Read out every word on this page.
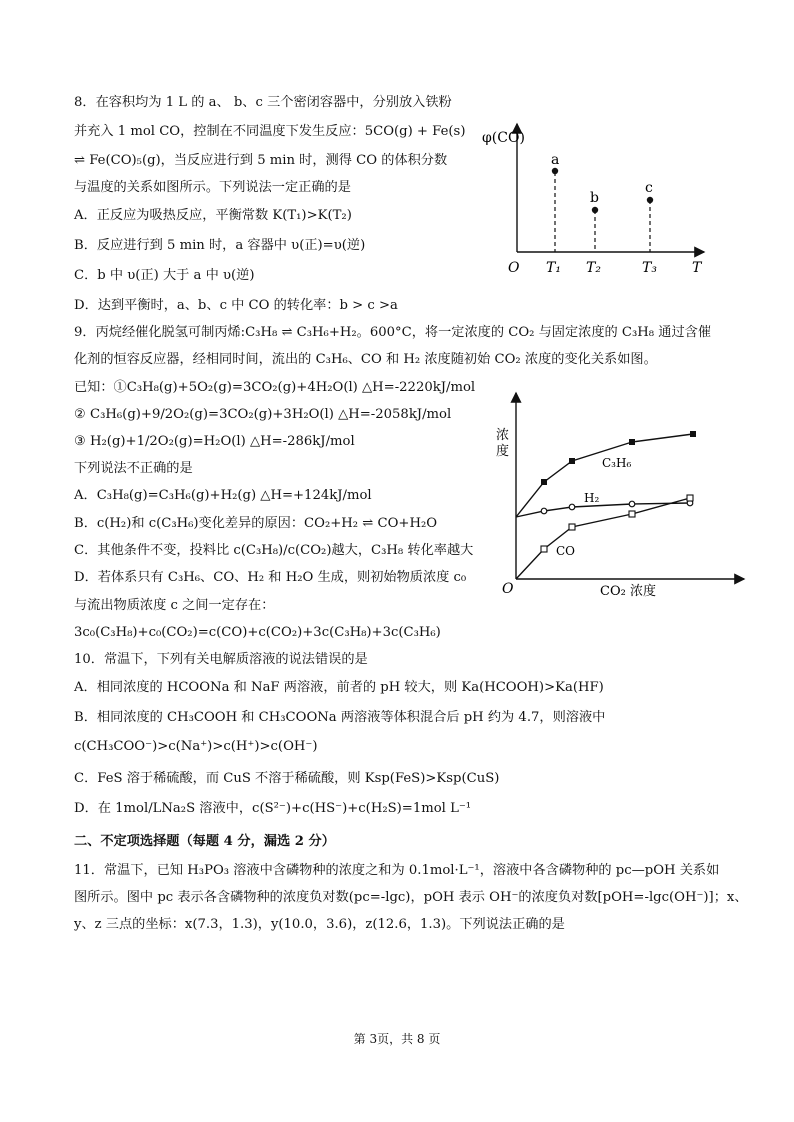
8．在容积均为 1 L 的 a、 b、c 三个密闭容器中，分别放入铁粉
并充入 1 mol CO，控制在不同温度下发生反应：5CO(g) + Fe(s)
⇌ Fe(CO)₅(g)，当反应进行到 5 min 时，测得 CO 的体积分数
与温度的关系如图所示。下列说法一定正确的是
A．正反应为吸热反应，平衡常数 K(T₁)>K(T₂)
B．反应进行到 5 min 时，a 容器中 υ(正)=υ(逆)
C．b 中 υ(正) 大于 a 中 υ(逆)
D．达到平衡时，a、b、c 中 CO 的转化率：b > c >a
φ(CO)
O	T
a
b
c
T₁ T₂	T₃
9．丙烷经催化脱氢可制丙烯:C₃H₈ ⇌ C₃H₆+H₂。600°C，将一定浓度的 CO₂ 与固定浓度的 C₃H₈ 通过含催
化剂的恒容反应器，经相同时间，流出的 C₃H₆、CO 和 H₂ 浓度随初始 CO₂ 浓度的变化关系如图。
已知：①C₃H₈(g)+5O₂(g)=3CO₂(g)+4H₂O(l) △H=-2220kJ/mol
② C₃H₆(g)+9/2O₂(g)=3CO₂(g)+3H₂O(l) △H=-2058kJ/mol
③ H₂(g)+1/2O₂(g)=H₂O(l) △H=-286kJ/mol
下列说法不正确的是
A．C₃H₈(g)=C₃H₆(g)+H₂(g) △H=+124kJ/mol
B．c(H₂)和 c(C₃H₆)变化差异的原因：CO₂+H₂ ⇌ CO+H₂O
C．其他条件不变，投料比 c(C₃H₈)/c(CO₂)越大，C₃H₈ 转化率越大
D．若体系只有 C₃H₆、CO、H₂ 和 H₂O 生成，则初始物质浓度 c₀
与流出物质浓度 c 之间一定存在：
3c₀(C₃H₈)+c₀(CO₂)=c(CO)+c(CO₂)+3c(C₃H₈)+3c(C₃H₆)
浓度
O	CO₂ 浓度
C₃H₆
H₂
CO
10．常温下，下列有关电解质溶液的说法错误的是
A．相同浓度的 HCOONa 和 NaF 两溶液，前者的 pH 较大，则 Ka(HCOOH)>Ka(HF)
B．相同浓度的 CH₃COOH 和 CH₃COONa 两溶液等体积混合后 pH 约为 4.7，则溶液中
c(CH₃COO⁻)>c(Na⁺)>c(H⁺)>c(OH⁻)
C．FeS 溶于稀硫酸，而 CuS 不溶于稀硫酸，则 Ksp(FeS)>Ksp(CuS)
D．在 1mol/LNa₂S 溶液中，c(S²⁻)+c(HS⁻)+c(H₂S)=1mol L⁻¹
二、不定项选择题（每题 4 分，漏选 2 分）
11．常温下，已知 H₃PO₃ 溶液中含磷物种的浓度之和为 0.1mol·L⁻¹，溶液中各含磷物种的 pc—pOH 关系如
图所示。图中 pc 表示各含磷物种的浓度负对数(pc=-lgc)，pOH 表示 OH⁻的浓度负对数[pOH=-lgc(OH⁻)]；x、
y、z 三点的坐标：x(7.3，1.3)，y(10.0，3.6)，z(12.6，1.3)。下列说法正确的是
第 3页，共 8 页
